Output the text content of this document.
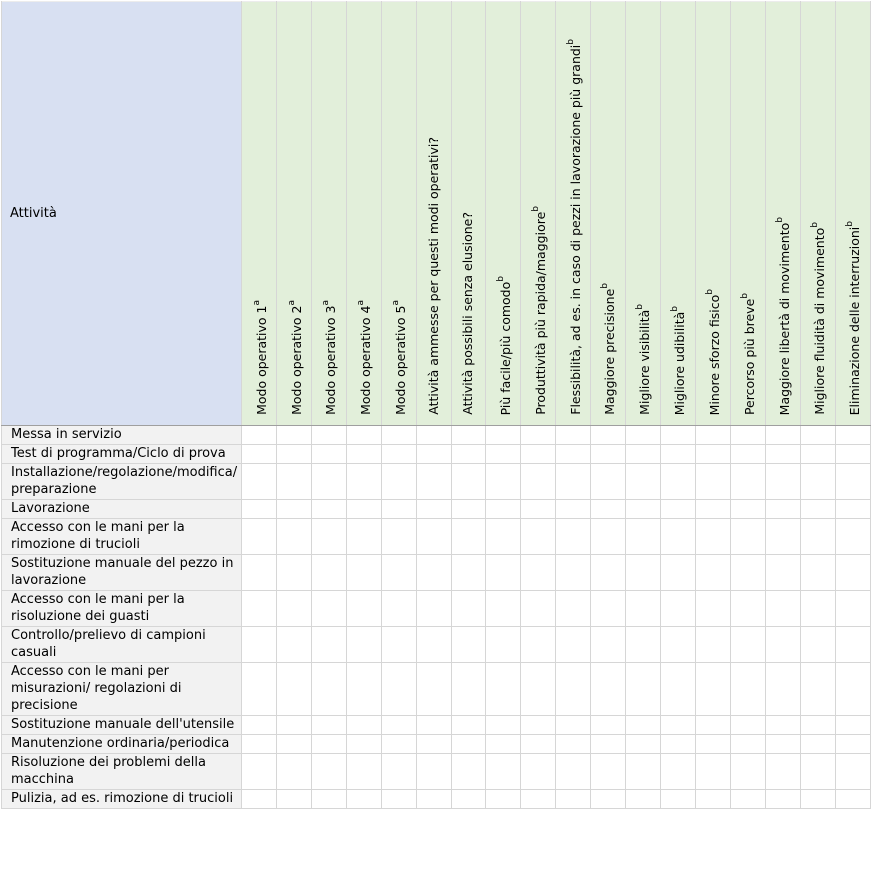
Attività	Modo operativo 1$^a$	Modo operativo 2$^a$	Modo operativo 3$^a$	Modo operativo 4$^a$	Modo operativo 5$^a$	Attività ammesse per questi modi operativi?	Attività possibili senza elusione?	Più facile/più comodo$^b$	Produttività più rapida/maggiore$^b$	Flessibilità, ad es. in caso di pezzi in lavorazione più grandi$^b$	Maggiore precisione$^b$	Migliore visibilità$^b$	Migliore udibilità$^b$	Minore sforzo fisico$^b$	Percorso più breve$^b$	Maggiore libertà di movimento$^b$	Migliore fluidità di movimento$^b$	Eliminazione delle interruzioni$^b$

Messa in servizio																		
Test di programma/Ciclo di prova																		
Installazione/regolazione/modifica/ preparazione																		
Lavorazione																		
Accesso con le mani per la rimozione di trucioli																		
Sostituzione manuale del pezzo in lavorazione																		
Accesso con le mani per la risoluzione dei guasti																		
Controllo/prelievo di campioni casuali																		
Accesso con le mani per misurazioni/ regolazioni di precisione																		
Sostituzione manuale dell'utensile																		
Manutenzione ordinaria/periodica																		
Risoluzione dei problemi della macchina																		
Pulizia, ad es. rimozione di trucioli																		
